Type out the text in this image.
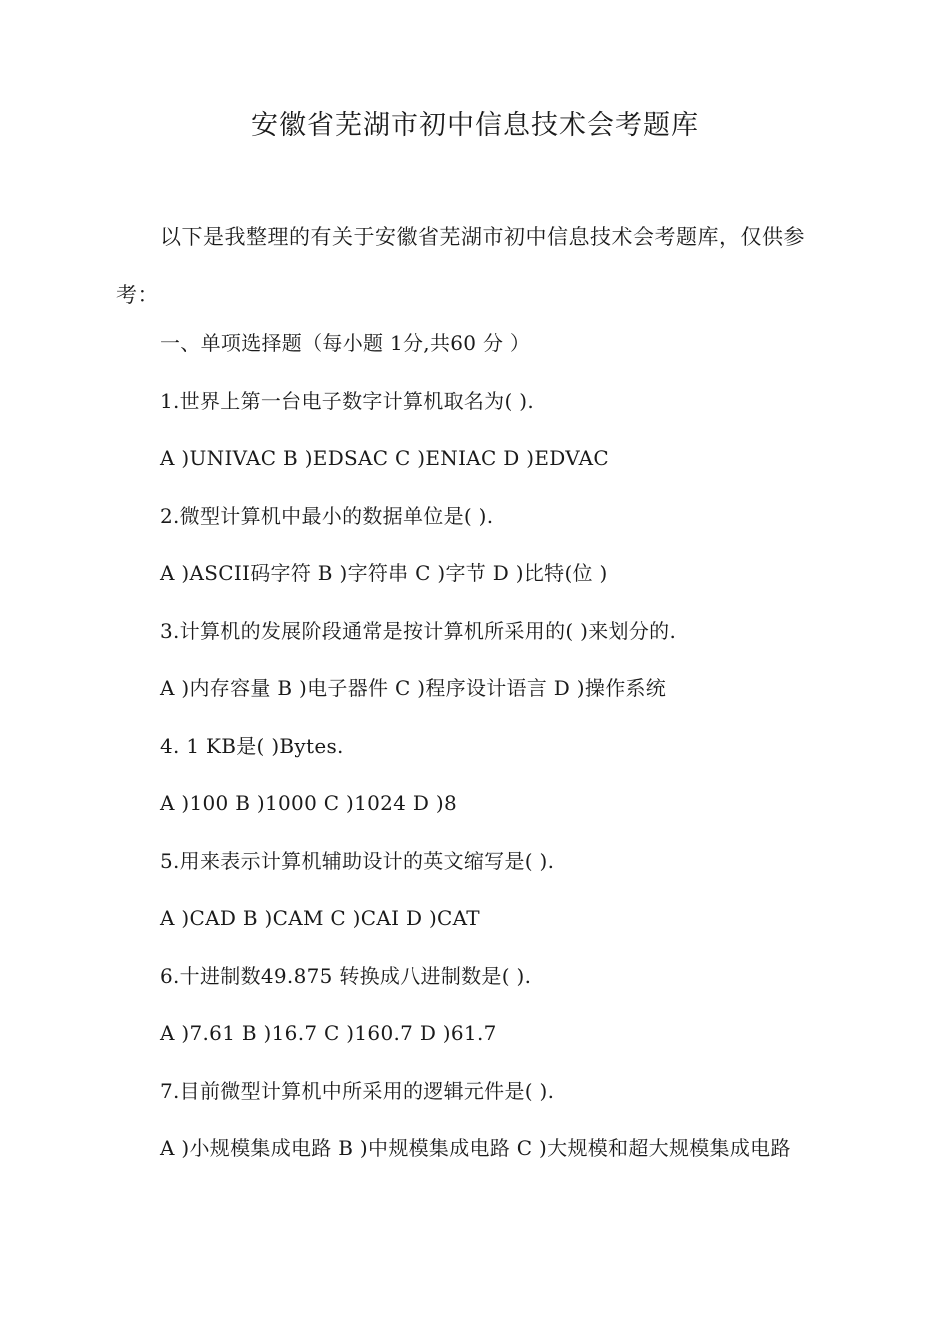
安徽省芜湖市初中信息技术会考题库

以下是我整理的有关于安徽省芜湖市初中信息技术会考题库，仅供参考：

一、单项选择题（每小题 1分,共60 分 ）

1.世界上第一台电子数字计算机取名为( ).

A )UNIVAC B )EDSAC C )ENIAC D )EDVAC

2.微型计算机中最小的数据单位是( ).

A )ASCII码字符 B )字符串 C )字节 D )比特(位 )

3.计算机的发展阶段通常是按计算机所采用的( )来划分的.

A )内存容量 B )电子器件 C )程序设计语言 D )操作系统

4. 1 KB是( )Bytes.

A )100 B )1000 C )1024 D )8

5.用来表示计算机辅助设计的英文缩写是( ).

A )CAD B )CAM C )CAI D )CAT

6.十进制数49.875 转换成八进制数是( ).

A )7.61 B )16.7 C )160.7 D )61.7

7.目前微型计算机中所采用的逻辑元件是( ).

A )小规模集成电路 B )中规模集成电路 C )大规模和超大规模集成电路
